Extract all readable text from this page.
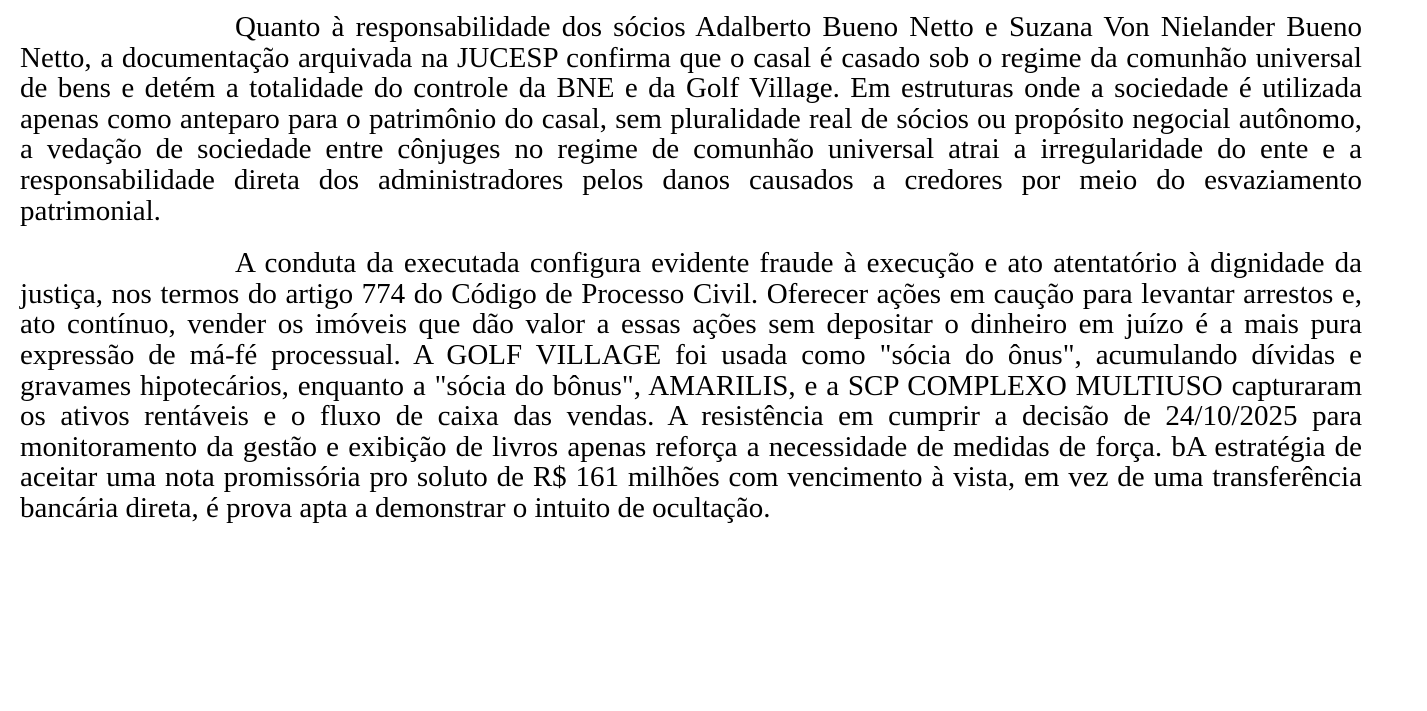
Quanto à responsabilidade dos sócios Adalberto Bueno Netto e Suzana Von Nielander Bueno Netto, a documentação arquivada na JUCESP confirma que o casal é casado sob o regime da comunhão universal de bens e detém a totalidade do controle da BNE e da Golf Village. Em estruturas onde a sociedade é utilizada apenas como anteparo para o patrimônio do casal, sem pluralidade real de sócios ou propósito negocial autônomo, a vedação de sociedade entre cônjuges no regime de comunhão universal atrai a irregularidade do ente e a responsabilidade direta dos administradores pelos danos causados a credores por meio do esvaziamento patrimonial.

A conduta da executada configura evidente fraude à execução e ato atentatório à dignidade da justiça, nos termos do artigo 774 do Código de Processo Civil. Oferecer ações em caução para levantar arrestos e, ato contínuo, vender os imóveis que dão valor a essas ações sem depositar o dinheiro em juízo é a mais pura expressão de má-fé processual. A GOLF VILLAGE foi usada como "sócia do ônus", acumulando dívidas e gravames hipotecários, enquanto a "sócia do bônus", AMARILIS, e a SCP COMPLEXO MULTIUSO capturaram os ativos rentáveis e o fluxo de caixa das vendas. A resistência em cumprir a decisão de 24/10/2025 para monitoramento da gestão e exibição de livros apenas reforça a necessidade de medidas de força. bA estratégia de aceitar uma nota promissória pro soluto de R$ 161 milhões com vencimento à vista, em vez de uma transferência bancária direta, é prova apta a demonstrar o intuito de ocultação.
